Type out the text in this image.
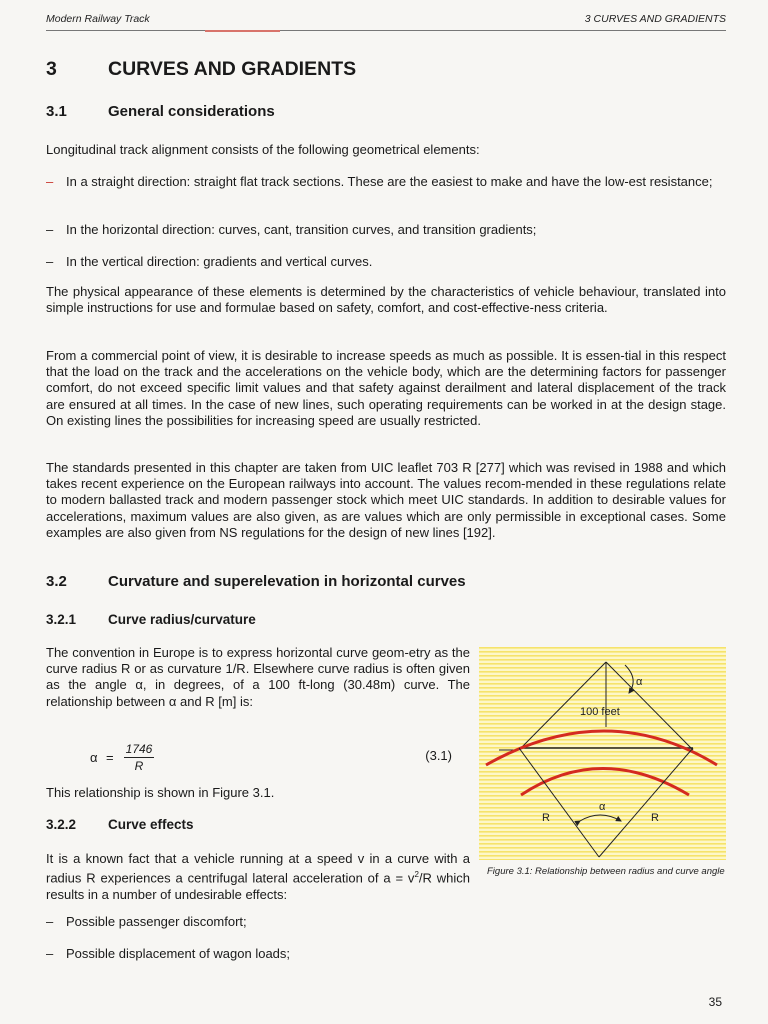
Modern Railway Track	3 CURVES AND GRADIENTS
3	CURVES AND GRADIENTS
3.1	General considerations

Longitudinal track alignment consists of the following geometrical elements:

– In a straight direction: straight flat track sections. These are the easiest to make and have the low-est resistance;
– In the horizontal direction: curves, cant, transition curves, and transition gradients;
– In the vertical direction: gradients and vertical curves.

The physical appearance of these elements is determined by the characteristics of vehicle behaviour, translated into simple instructions for use and formulae based on safety, comfort, and cost-effective-ness criteria.

From a commercial point of view, it is desirable to increase speeds as much as possible. It is essen-tial in this respect that the load on the track and the accelerations on the vehicle body, which are the determining factors for passenger comfort, do not exceed specific limit values and that safety against derailment and lateral displacement of the track are ensured at all times. In the case of new lines, such operating requirements can be worked in at the design stage. On existing lines the possibilities for increasing speed are usually restricted.

The standards presented in this chapter are taken from UIC leaflet 703 R [277] which was revised in 1988 and which takes recent experience on the European railways into account. The values recom-mended in these regulations relate to modern ballasted track and modern passenger stock which meet UIC standards. In addition to desirable values for accelerations, maximum values are also given, as are values which are only permissible in exceptional cases. Some examples are also given from NS regulations for the design of new lines [192].

3.2	Curvature and superelevation in horizontal curves
3.2.1 Curve radius/curvature

The convention in Europe is to express horizontal curve geom-etry as the curve radius R or as curvature 1/R. Elsewhere curve radius is often given as the angle α, in degrees, of a 100 ft-long (30.48m) curve. The relationship between α and R [m] is:

$\alpha = \frac{1746}{R}$	(3.1)

This relationship is shown in Figure 3.1.

3.2.2 Curve effects

It is a known fact that a vehicle running at a speed v in a curve with a radius R experiences a centrifugal lateral acceleration of $a = v^2/R$ which results in a number of undesirable effects:

– Possible passenger discomfort;
– Possible displacement of wagon loads;
α
α
100 feet
R	R
Figure 3.1: Relationship between radius and curve angle
35
